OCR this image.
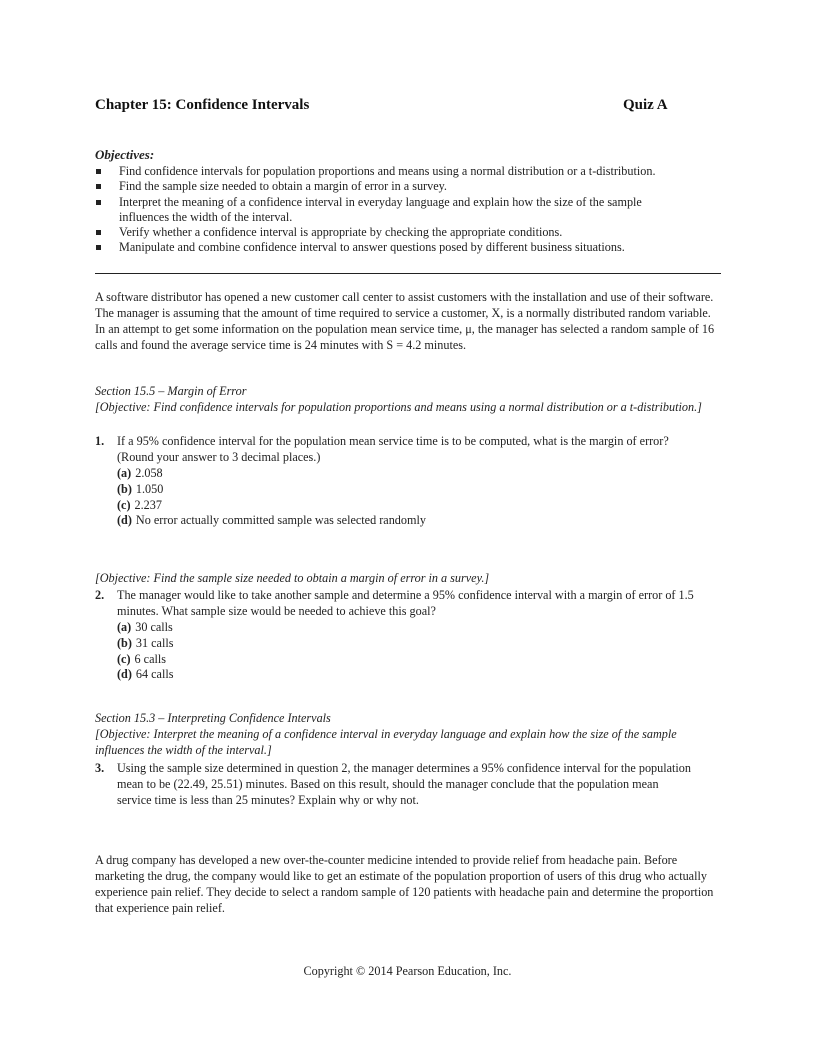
Chapter 15: Confidence Intervals	Quiz A
Objectives:
Find confidence intervals for population proportions and means using a normal distribution or a t-distribution.
Find the sample size needed to obtain a margin of error in a survey.
Interpret the meaning of a confidence interval in everyday language and explain how the size of the sample influences the width of the interval.
Verify whether a confidence interval is appropriate by checking the appropriate conditions.
Manipulate and combine confidence interval to answer questions posed by different business situations.
A software distributor has opened a new customer call center to assist customers with the installation and use of their software. The manager is assuming that the amount of time required to service a customer, X, is a normally distributed random variable. In an attempt to get some information on the population mean service time, μ, the manager has selected a random sample of 16 calls and found the average service time is 24 minutes with S = 4.2 minutes.
Section 15.5 – Margin of Error
[Objective: Find confidence intervals for population proportions and means using a normal distribution or a t-distribution.]
1. If a 95% confidence interval for the population mean service time is to be computed, what is the margin of error? (Round your answer to 3 decimal places.)
(a) 2.058
(b) 1.050
(c) 2.237
(d) No error actually committed sample was selected randomly
[Objective: Find the sample size needed to obtain a margin of error in a survey.]
2. The manager would like to take another sample and determine a 95% confidence interval with a margin of error of 1.5 minutes. What sample size would be needed to achieve this goal?
(a) 30 calls
(b) 31 calls
(c) 6 calls
(d) 64 calls
Section 15.3 – Interpreting Confidence Intervals
[Objective: Interpret the meaning of a confidence interval in everyday language and explain how the size of the sample influences the width of the interval.]
3. Using the sample size determined in question 2, the manager determines a 95% confidence interval for the population mean to be (22.49, 25.51) minutes. Based on this result, should the manager conclude that the population mean service time is less than 25 minutes? Explain why or why not.
A drug company has developed a new over-the-counter medicine intended to provide relief from headache pain. Before marketing the drug, the company would like to get an estimate of the population proportion of users of this drug who actually experience pain relief. They decide to select a random sample of 120 patients with headache pain and determine the proportion that experience pain relief.
Copyright © 2014 Pearson Education, Inc.
